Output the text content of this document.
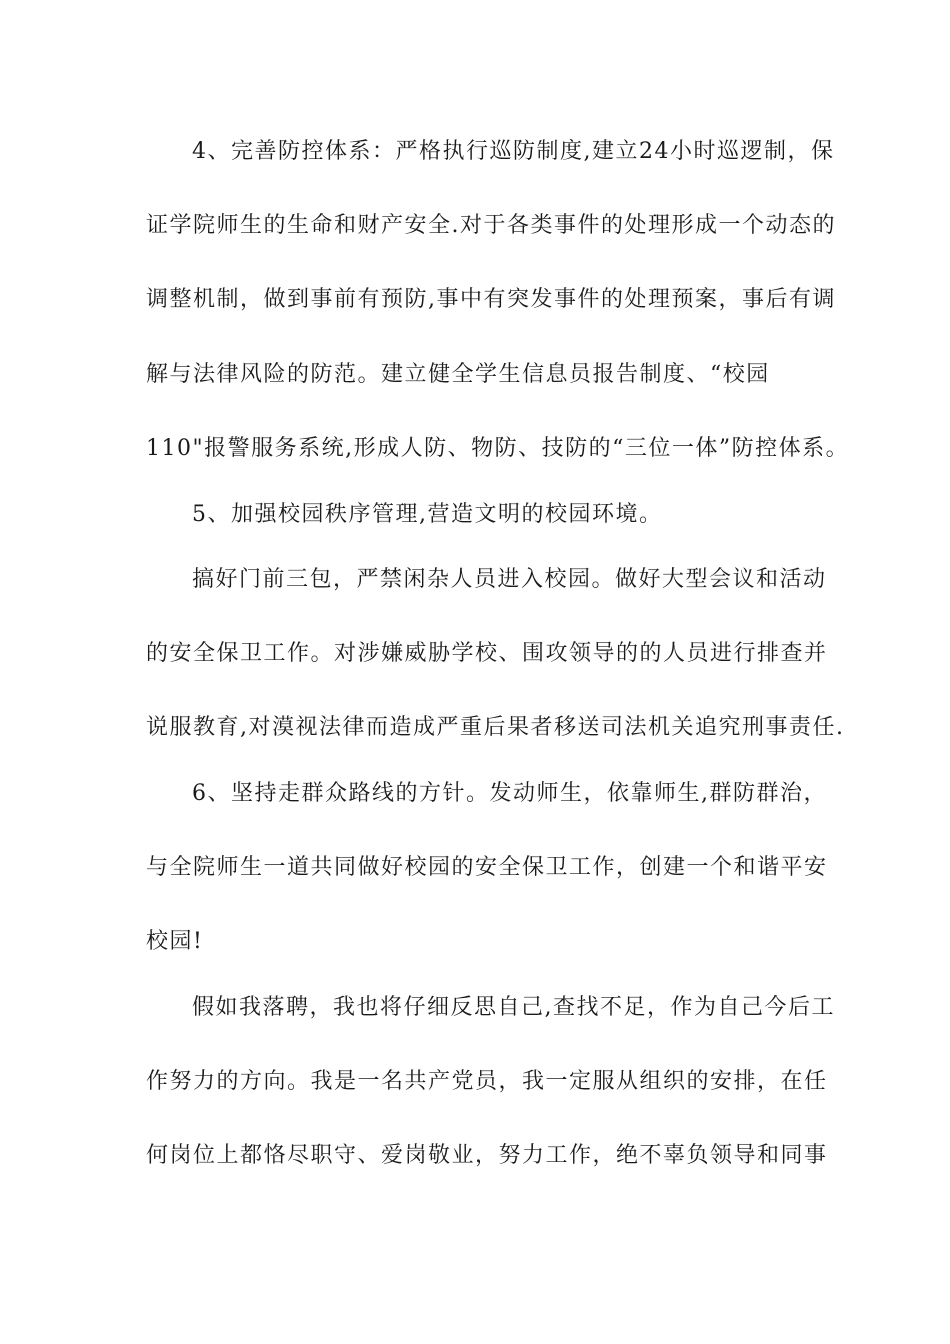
4、完善防控体系：严格执行巡防制度,建立24小时巡逻制，保
证学院师生的生命和财产安全.对于各类事件的处理形成一个动态的
调整机制，做到事前有预防,事中有突发事件的处理预案，事后有调
解与法律风险的防范。建立健全学生信息员报告制度、“校园
110"报警服务系统,形成人防、物防、技防的“三位一体”防控体系。
5、加强校园秩序管理,营造文明的校园环境。
搞好门前三包，严禁闲杂人员进入校园。做好大型会议和活动
的安全保卫工作。对涉嫌威胁学校、围攻领导的的人员进行排查并
说服教育,对漠视法律而造成严重后果者移送司法机关追究刑事责任.
6、坚持走群众路线的方针。发动师生，依靠师生,群防群治，
与全院师生一道共同做好校园的安全保卫工作，创建一个和谐平安
校园!
假如我落聘，我也将仔细反思自己,查找不足，作为自己今后工
作努力的方向。我是一名共产党员，我一定服从组织的安排，在任
何岗位上都恪尽职守、爱岗敬业，努力工作，绝不辜负领导和同事
